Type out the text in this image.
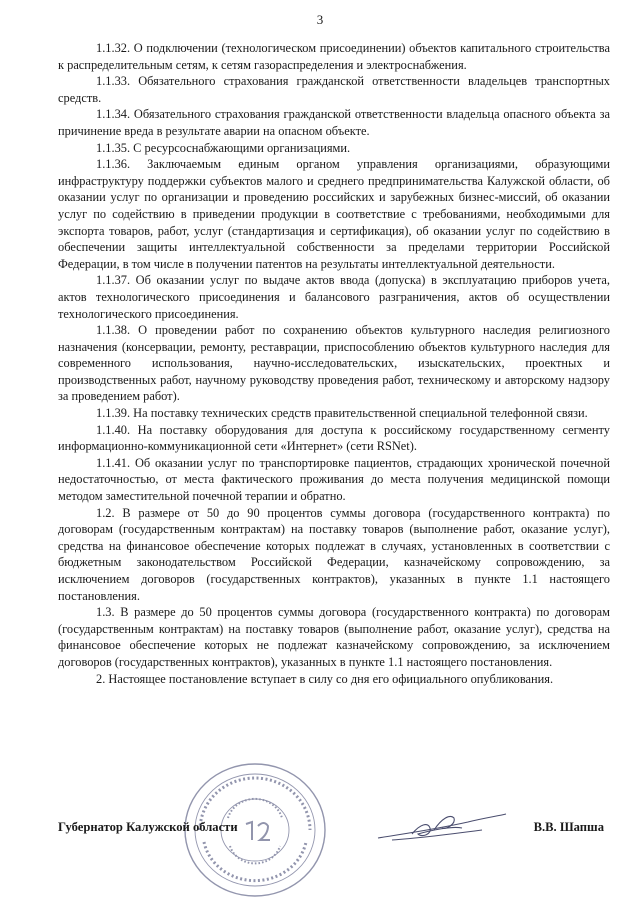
3

1.1.32. О подключении (технологическом присоединении) объектов капитального строительства к распределительным сетям, к сетям газораспределения и электроснабжения.

1.1.33. Обязательного страхования гражданской ответственности владельцев транспортных средств.

1.1.34. Обязательного страхования гражданской ответственности владельца опасного объекта за причинение вреда в результате аварии на опасном объекте.

1.1.35. С ресурсоснабжающими организациями.

1.1.36. Заключаемым единым органом управления организациями, образующими инфраструктуру поддержки субъектов малого и среднего предпринимательства Калужской области, об оказании услуг по организации и проведению российских и зарубежных бизнес-миссий, об оказании услуг по содействию в приведении продукции в соответствие с требованиями, необходимыми для экспорта товаров, работ, услуг (стандартизация и сертификация), об оказании услуг по содействию в обеспечении защиты интеллектуальной собственности за пределами территории Российской Федерации, в том числе в получении патентов на результаты интеллектуальной деятельности.

1.1.37. Об оказании услуг по выдаче актов ввода (допуска) в эксплуатацию приборов учета, актов технологического присоединения и балансового разграничения, актов об осуществлении технологического присоединения.

1.1.38. О проведении работ по сохранению объектов культурного наследия религиозного назначения (консервации, ремонту, реставрации, приспособлению объектов культурного наследия для современного использования, научно-исследовательских, изыскательских, проектных и производственных работ, научному руководству проведения работ, техническому и авторскому надзору за проведением работ).

1.1.39. На поставку технических средств правительственной специальной телефонной связи.

1.1.40. На поставку оборудования для доступа к российскому государственному сегменту информационно-коммуникационной сети «Интернет» (сети RSNet).

1.1.41. Об оказании услуг по транспортировке пациентов, страдающих хронической почечной недостаточностью, от места фактического проживания до места получения медицинской помощи методом заместительной почечной терапии и обратно.

1.2. В размере от 50 до 90 процентов суммы договора (государственного контракта) по договорам (государственным контрактам) на поставку товаров (выполнение работ, оказание услуг), средства на финансовое обеспечение которых подлежат в случаях, установленных в соответствии с бюджетным законодательством Российской Федерации, казначейскому сопровождению, за исключением договоров (государственных контрактов), указанных в пункте 1.1 настоящего постановления.

1.3. В размере до 50 процентов суммы договора (государственного контракта) по договорам (государственным контрактам) на поставку товаров (выполнение работ, оказание услуг), средства на финансовое обеспечение которых не подлежат казначейскому сопровождению, за исключением договоров (государственных контрактов), указанных в пункте 1.1 настоящего постановления.

2. Настоящее постановление вступает в силу со дня его официального опубликования.

Губернатор Калужской области	В.В. Шапша
